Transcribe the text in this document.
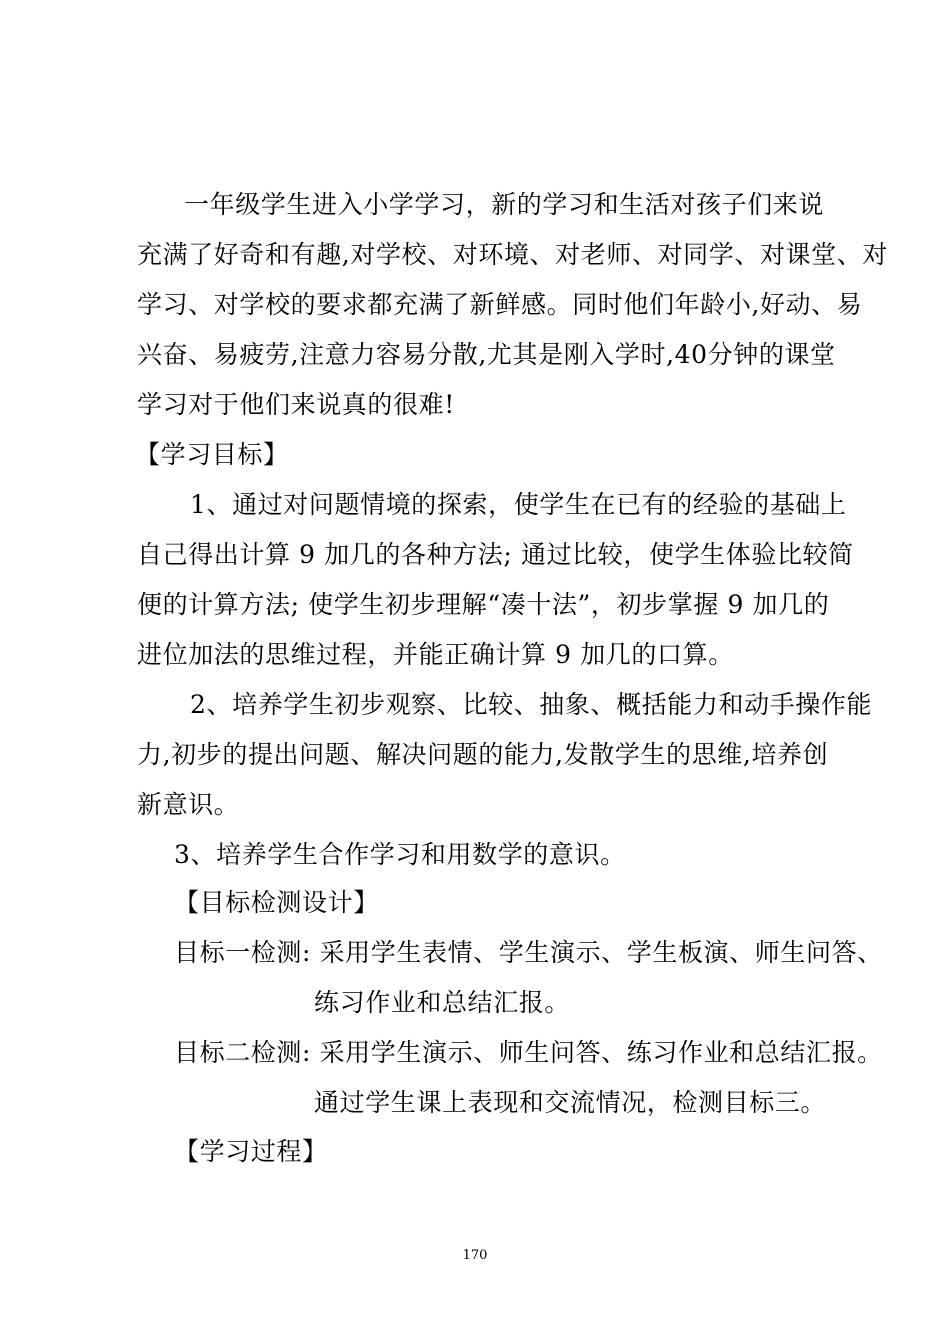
一年级学生进入小学学习，新的学习和生活对孩子们来说
充满了好奇和有趣,对学校、对环境、对老师、对同学、对课堂、对
学习、对学校的要求都充满了新鲜感。同时他们年龄小,好动、易
兴奋、易疲劳,注意力容易分散,尤其是刚入学时,40分钟的课堂
学习对于他们来说真的很难!
【学习目标】
1、通过对问题情境的探索，使学生在已有的经验的基础上
自己得出计算 9 加几的各种方法; 通过比较，使学生体验比较简
便的计算方法; 使学生初步理解“凑十法”，初步掌握 9 加几的
进位加法的思维过程，并能正确计算 9 加几的口算。
2、培养学生初步观察、比较、抽象、概括能力和动手操作能
力,初步的提出问题、解决问题的能力,发散学生的思维,培养创
新意识。
3、培养学生合作学习和用数学的意识。
【目标检测设计】
目标一检测: 采用学生表情、学生演示、学生板演、师生问答、
练习作业和总结汇报。
目标二检测: 采用学生演示、师生问答、练习作业和总结汇报。
通过学生课上表现和交流情况，检测目标三。
【学习过程】
170
